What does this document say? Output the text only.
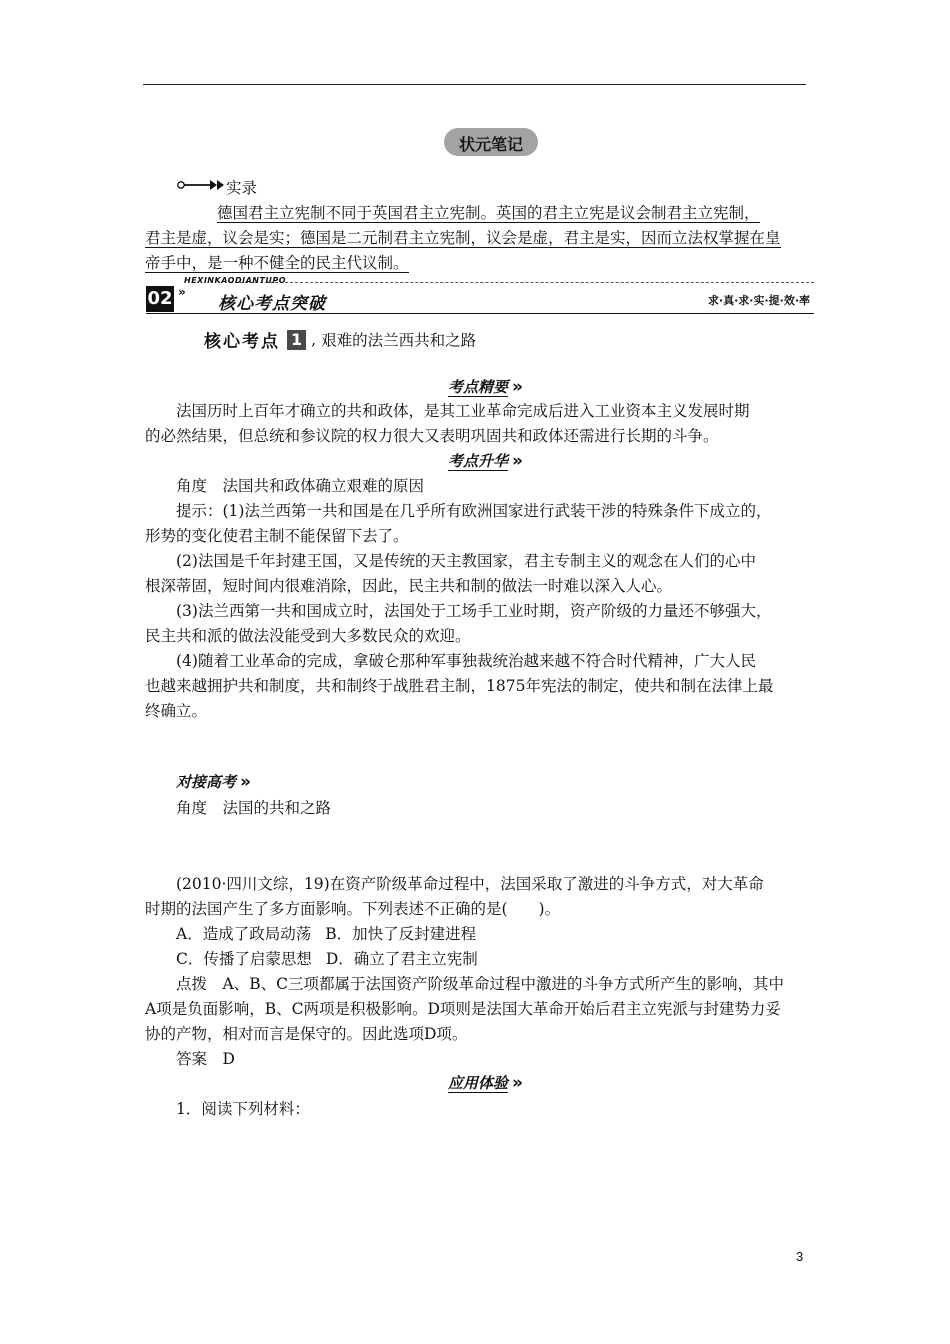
状元笔记
实录
德国君主立宪制不同于英国君主立宪制。英国的君主立宪是议会制君主立宪制，
君主是虚，议会是实；德国是二元制君主立宪制，议会是虚，君主是实，因而立法权掌握在皇
帝手中，是一种不健全的民主代议制。
HEXINKAODIANTUPO
02 »
核心考点突破	求·真·求·实·提·效·率
核心考点 1 , 艰难的法兰西共和之路
考点精要 »
法国历时上百年才确立的共和政体，是其工业革命完成后进入工业资本主义发展时期
的必然结果，但总统和参议院的权力很大又表明巩固共和政体还需进行长期的斗争。
考点升华 »
角度　法国共和政体确立艰难的原因
提示：(1)法兰西第一共和国是在几乎所有欧洲国家进行武装干涉的特殊条件下成立的，
形势的变化使君主制不能保留下去了。
(2)法国是千年封建王国，又是传统的天主教国家，君主专制主义的观念在人们的心中
根深蒂固，短时间内很难消除，因此，民主共和制的做法一时难以深入人心。
(3)法兰西第一共和国成立时，法国处于工场手工业时期，资产阶级的力量还不够强大，
民主共和派的做法没能受到大多数民众的欢迎。
(4)随着工业革命的完成，拿破仑那种军事独裁统治越来越不符合时代精神，广大人民
也越来越拥护共和制度，共和制终于战胜君主制，1875年宪法的制定，使共和制在法律上最
终确立。
对接高考 »
角度　法国的共和之路
(2010·四川文综，19)在资产阶级革命过程中，法国采取了激进的斗争方式，对大革命
时期的法国产生了多方面影响。下列表述不正确的是(　　)。
A．造成了政局动荡 B．加快了反封建进程
C．传播了启蒙思想 D．确立了君主立宪制
点拨　A、B、C三项都属于法国资产阶级革命过程中激进的斗争方式所产生的影响，其中
A项是负面影响，B、C两项是积极影响。D项则是法国大革命开始后君主立宪派与封建势力妥
协的产物，相对而言是保守的。因此选项D项。
答案　D
应用体验 »
1．阅读下列材料：
3
